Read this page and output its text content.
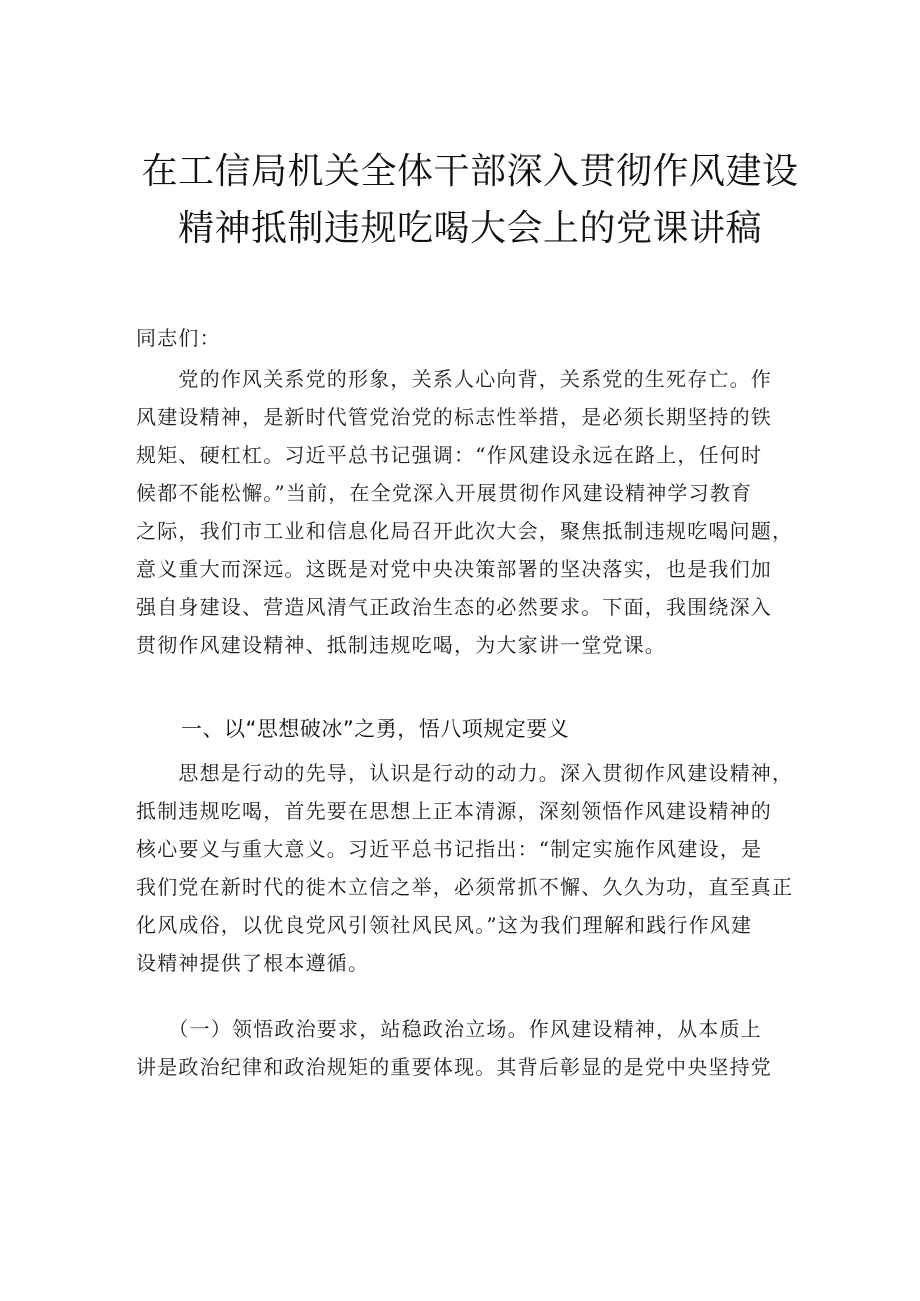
在工信局机关全体干部深入贯彻作风建设
精神抵制违规吃喝大会上的党课讲稿
同志们：
　　党的作风关系党的形象，关系人心向背，关系党的生死存亡。作
风建设精神，是新时代管党治党的标志性举措，是必须长期坚持的铁
规矩、硬杠杠。习近平总书记强调：“作风建设永远在路上，任何时
候都不能松懈。”当前，在全党深入开展贯彻作风建设精神学习教育
之际，我们市工业和信息化局召开此次大会，聚焦抵制违规吃喝问题，
意义重大而深远。这既是对党中央决策部署的坚决落实，也是我们加
强自身建设、营造风清气正政治生态的必然要求。下面，我围绕深入
贯彻作风建设精神、抵制违规吃喝，为大家讲一堂党课。
一、以“思想破冰”之勇，悟八项规定要义
　　思想是行动的先导，认识是行动的动力。深入贯彻作风建设精神，
抵制违规吃喝，首先要在思想上正本清源，深刻领悟作风建设精神的
核心要义与重大意义。习近平总书记指出：“制定实施作风建设，是
我们党在新时代的徙木立信之举，必须常抓不懈、久久为功，直至真正
化风成俗，以优良党风引领社风民风。”这为我们理解和践行作风建
设精神提供了根本遵循。
　　（一）领悟政治要求，站稳政治立场。作风建设精神，从本质上
讲是政治纪律和政治规矩的重要体现。其背后彰显的是党中央坚持党
